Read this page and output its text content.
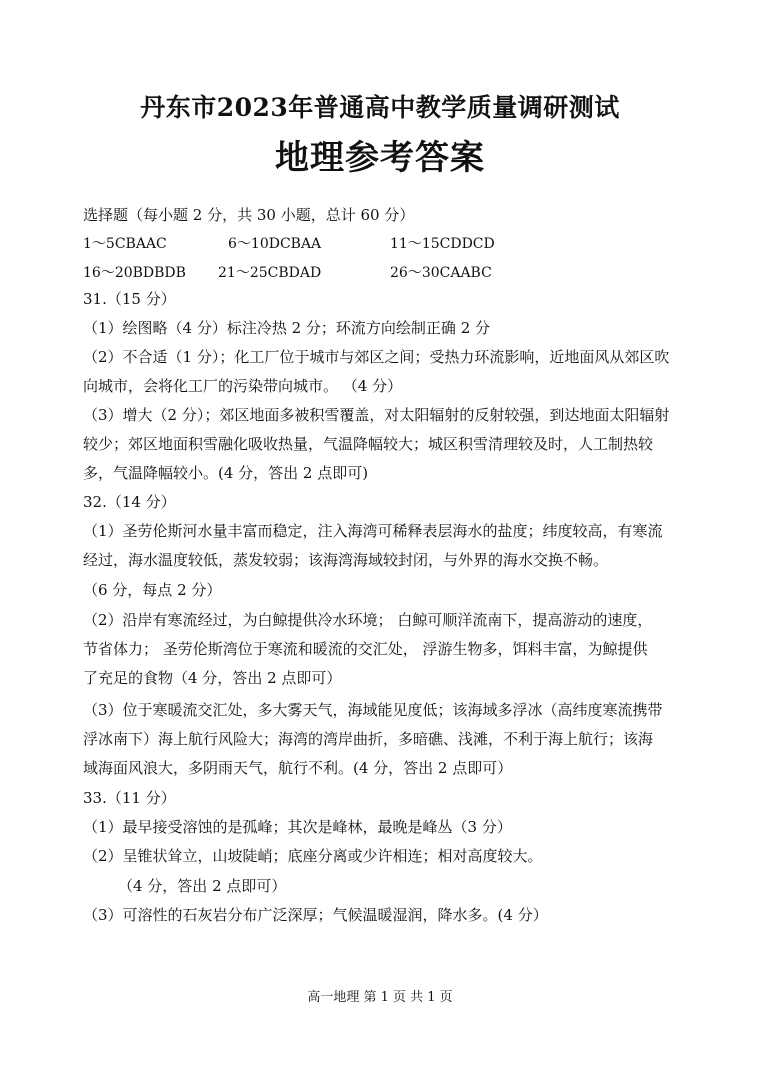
丹东市2023年普通高中教学质量调研测试
地理参考答案
选择题（每小题 2 分，共 30 小题，总计 60 分）
1～5CBAAC	6～10DCBAA	11～15CDDCD
16～20BDBDB 21～25CBDAD	26～30CAABC
31.（15 分）
（1）绘图略（4 分）标注冷热 2 分；环流方向绘制正确 2 分
（2）不合适（1 分）；化工厂位于城市与郊区之间；受热力环流影响，近地面风从郊区吹
向城市，会将化工厂的污染带向城市。 （4 分）
（3）增大（2 分）；郊区地面多被积雪覆盖，对太阳辐射的反射较强，到达地面太阳辐射
较少；郊区地面积雪融化吸收热量，气温降幅较大；城区积雪清理较及时，人工制热较
多，气温降幅较小。(4 分，答出 2 点即可)
32.（14 分）
（1）圣劳伦斯河水量丰富而稳定，注入海湾可稀释表层海水的盐度；纬度较高，有寒流
经过，海水温度较低，蒸发较弱；该海湾海域较封闭，与外界的海水交换不畅。
（6 分，每点 2 分）
（2）沿岸有寒流经过，为白鲸提供冷水环境； 白鲸可顺洋流南下，提高游动的速度，
节省体力； 圣劳伦斯湾位于寒流和暖流的交汇处， 浮游生物多，饵料丰富，为鲸提供
了充足的食物（4 分，答出 2 点即可）
（3）位于寒暖流交汇处，多大雾天气，海域能见度低；该海域多浮冰（高纬度寒流携带
浮冰南下）海上航行风险大；海湾的湾岸曲折，多暗礁、浅滩，不利于海上航行；该海
域海面风浪大，多阴雨天气，航行不利。(4 分，答出 2 点即可）
33.（11 分）
（1）最早接受溶蚀的是孤峰；其次是峰林，最晚是峰丛（3 分）
（2）呈锥状耸立，山坡陡峭；底座分离或少许相连；相对高度较大。
（4 分，答出 2 点即可）
（3）可溶性的石灰岩分布广泛深厚；气候温暖湿润，降水多。(4 分）
高一地理 第 1 页 共 1 页
